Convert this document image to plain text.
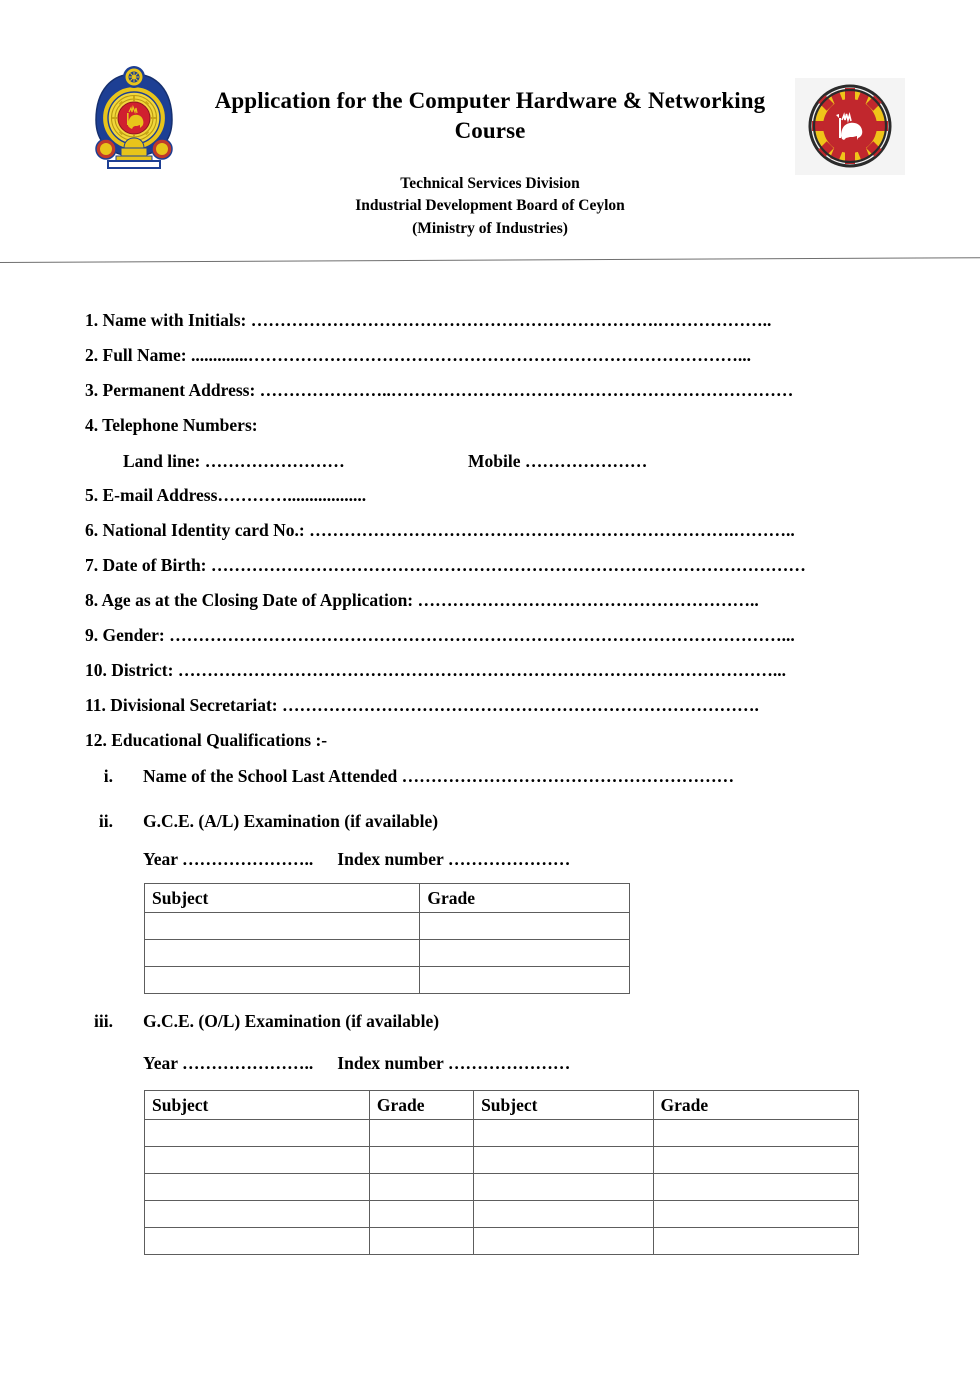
Application for the Computer Hardware & Networking Course
Technical Services Division
Industrial Development Board of Ceylon
(Ministry of Industries)
1. Name with Initials: …………………………………………………………….………………..
2. Full Name: .............…………………………………………………………………………...
3. Permanent Address: …………………..……………………………………………………………
4. Telephone Numbers:
Land line: ……………………	Mobile …………………
5. E-mail Address…………..................
6. National Identity card No.: ……………………………………………………………….………..
7. Date of Birth: …………………………………………………………………………………………
8. Age as at the Closing Date of Application: …………………………………………………..
9. Gender: ……………………………………………………………………………………………...
10. District: …………………………………………………………………………………………...
11. Divisional Secretariat: ……………………………………………………………………….
12. Educational Qualifications :-
i. Name of the School Last Attended …………………………………………………
ii. G.C.E. (A/L) Examination (if available)
Year ………………….. Index number …………………
Subject	Grade

iii. G.C.E. (O/L) Examination (if available)
Year ………………….. Index number …………………
Subject	Grade	Subject	Grade
